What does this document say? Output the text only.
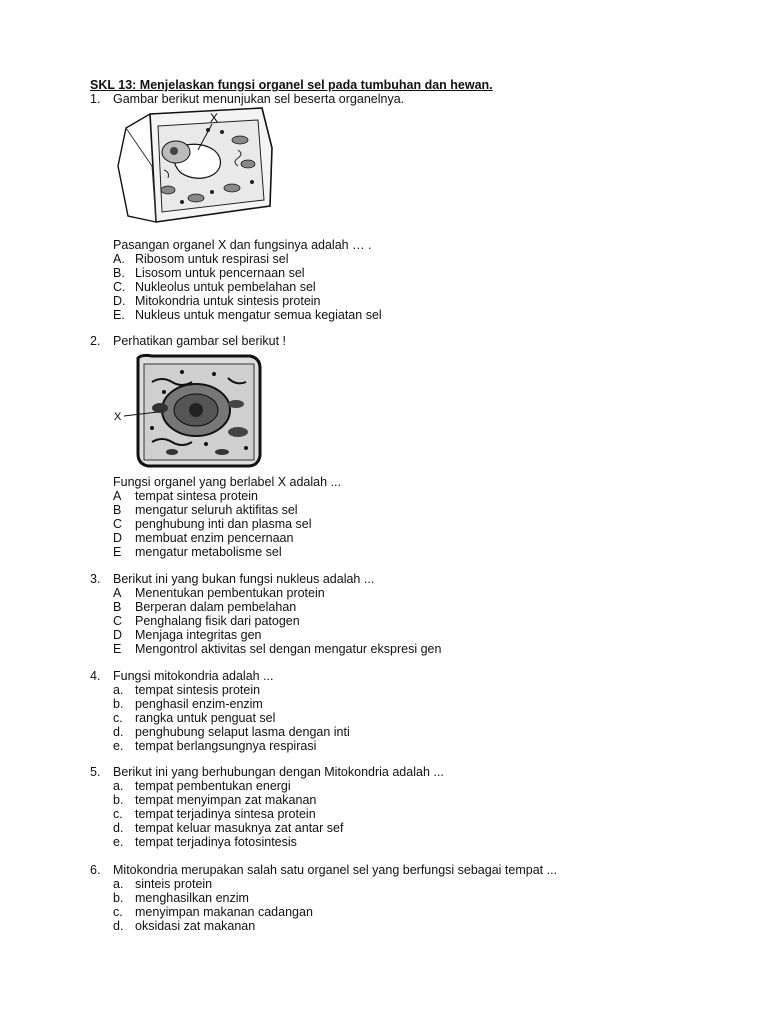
SKL 13: Menjelaskan fungsi organel sel pada tumbuhan dan hewan.
1.	Gambar berikut menunjukan sel beserta organelnya.
X
Pasangan organel X dan fungsinya adalah … .
A. Ribosom untuk respirasi sel
B. Lisosom untuk pencernaan sel
C. Nukleolus untuk pembelahan sel
D. Mitokondria untuk sintesis protein
E. Nukleus untuk mengatur semua kegiatan sel
2.	Perhatikan gambar sel berikut !
X
Fungsi organel yang berlabel X adalah ...
A	tempat sintesa protein
B	mengatur seluruh aktifitas sel
C	penghubung inti dan plasma sel
D	membuat enzim pencernaan
E	mengatur metabolisme sel
3.	Berikut ini yang bukan fungsi nukleus adalah ...
A	Menentukan pembentukan protein
B	Berperan dalam pembelahan
C	Penghalang fisik dari patogen
D	Menjaga integritas gen
E	Mengontrol aktivitas sel dengan mengatur ekspresi gen
4.	Fungsi mitokondria adalah ...
a. tempat sintesis protein
b. penghasil enzim-enzim
c. rangka untuk penguat sel
d. penghubung selaput lasma dengan inti
e. tempat berlangsungnya respirasi
5.	Berikut ini yang berhubungan dengan Mitokondria adalah ...
a. tempat pembentukan energi
b. tempat menyimpan zat makanan
c. tempat terjadinya sintesa protein
d. tempat keluar masuknya zat antar sef
e. tempat terjadinya fotosintesis
6.	Mitokondria merupakan salah satu organel sel yang berfungsi sebagai tempat ...
a. sinteis protein
b. menghasilkan enzim
c. menyimpan makanan cadangan
d. oksidasi zat makanan
